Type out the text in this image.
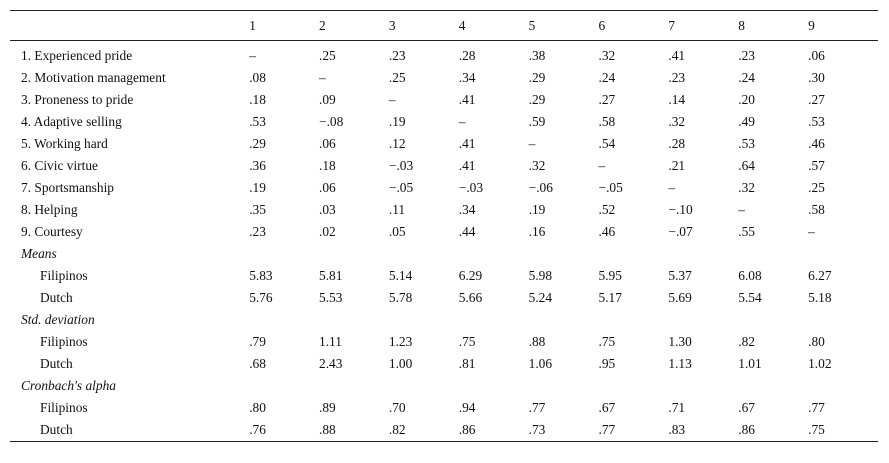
	1	2	3	4	5	6	7	8	9
1. Experienced pride	–	.25	.23	.28	.38	.32	.41	.23	.06
2. Motivation management	.08	–	.25	.34	.29	.24	.23	.24	.30
3. Proneness to pride	.18	.09	–	.41	.29	.27	.14	.20	.27
4. Adaptive selling	.53	−.08	.19	–	.59	.58	.32	.49	.53
5. Working hard	.29	.06	.12	.41	–	.54	.28	.53	.46
6. Civic virtue	.36	.18	−.03	.41	.32	–	.21	.64	.57
7. Sportsmanship	.19	.06	−.05	−.03	−.06	−.05	–	.32	.25
8. Helping	.35	.03	.11	.34	.19	.52	−.10	–	.58
9. Courtesy	.23	.02	.05	.44	.16	.46	−.07	.55	–
Means									
Filipinos	5.83	5.81	5.14	6.29	5.98	5.95	5.37	6.08	6.27
Dutch	5.76	5.53	5.78	5.66	5.24	5.17	5.69	5.54	5.18
Std. deviation									
Filipinos	.79	1.11	1.23	.75	.88	.75	1.30	.82	.80
Dutch	.68	2.43	1.00	.81	1.06	.95	1.13	1.01	1.02
Cronbach's alpha									
Filipinos	.80	.89	.70	.94	.77	.67	.71	.67	.77
Dutch	.76	.88	.82	.86	.73	.77	.83	.86	.75
